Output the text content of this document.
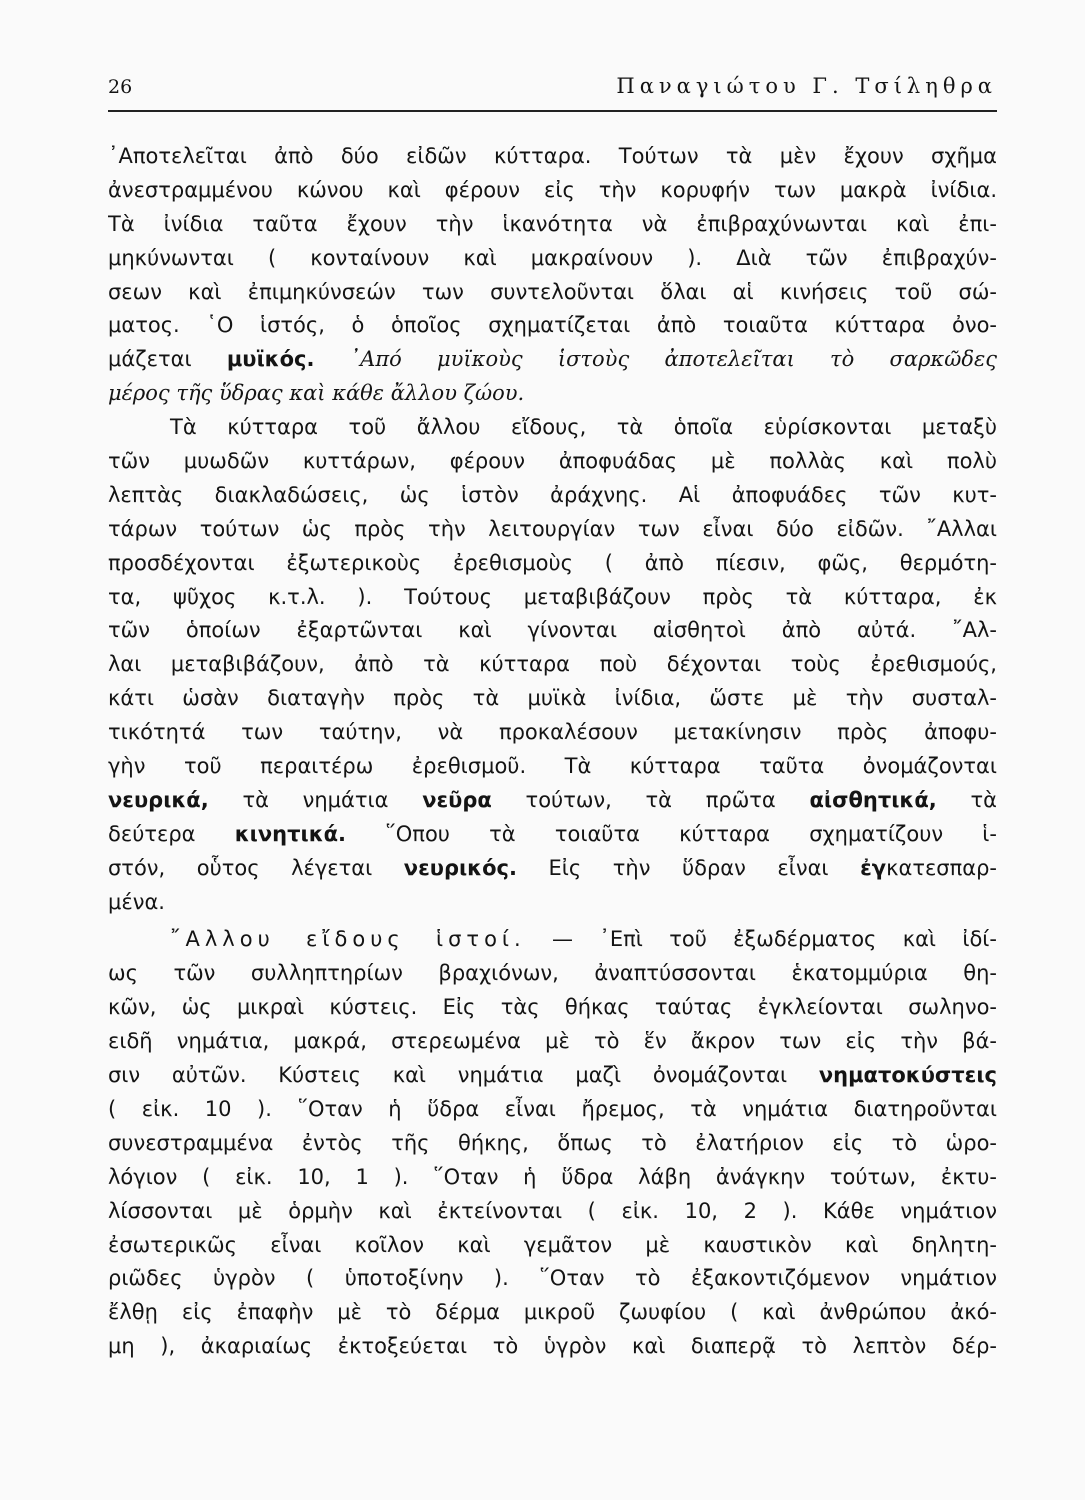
26	Παναγιώτου Γ. Τσίληθρα
᾽Αποτελεῖται ἀπὸ δύο εἰδῶν κύτταρα. Τούτων τὰ μὲν ἔχουν σχῆμα
ἀνεστραμμένου κώνου καὶ φέρουν εἰς τὴν κορυφήν των μακρὰ ἰνίδια.
Τὰ ἰνίδια ταῦτα ἔχουν τὴν ἱκανότητα νὰ ἐπιβραχύνωνται καὶ ἐπι-
μηκύνωνται ( κονταίνουν καὶ μακραίνουν ). Διὰ τῶν ἐπιβραχύν-
σεων καὶ ἐπιμηκύνσεών των συντελοῦνται ὅλαι αἱ κινήσεις τοῦ σώ-
ματος. ῾Ο ἱστός, ὁ ὁποῖος σχηματίζεται ἀπὸ τοιαῦτα κύτταρα ὀνο-
μάζεται μυϊκός. ᾽Από μυϊκοὺς ἱστοὺς ἀποτελεῖται τὸ σαρκῶδες
μέρος τῆς ὕδρας καὶ κάθε ἄλλου ζώου.
Τὰ κύτταρα τοῦ ἄλλου εἴδους, τὰ ὁποῖα εὑρίσκονται μεταξὺ
τῶν μυωδῶν κυττάρων, φέρουν ἀποφυάδας μὲ πολλὰς καὶ πολὺ
λεπτὰς διακλαδώσεις, ὡς ἱστὸν ἀράχνης. Αἱ ἀποφυάδες τῶν κυτ-
τάρων τούτων ὡς πρὸς τὴν λειτουργίαν των εἶναι δύο εἰδῶν. ῎Αλλαι
προσδέχονται ἐξωτερικοὺς ἐρεθισμοὺς ( ἀπὸ πίεσιν, φῶς, θερμότη-
τα, ψῦχος κ.τ.λ. ). Τούτους μεταβιβάζουν πρὸς τὰ κύτταρα, ἐκ
τῶν ὁποίων ἐξαρτῶνται καὶ γίνονται αἰσθητοὶ ἀπὸ αὐτά. ῎Αλ-
λαι μεταβιβάζουν, ἀπὸ τὰ κύτταρα ποὺ δέχονται τοὺς ἐρεθισμούς,
κάτι ὡσὰν διαταγὴν πρὸς τὰ μυϊκὰ ἰνίδια, ὥστε μὲ τὴν συσταλ-
τικότητά των ταύτην, νὰ προκαλέσουν μετακίνησιν πρὸς ἀποφυ-
γὴν τοῦ περαιτέρω ἐρεθισμοῦ. Τὰ κύτταρα ταῦτα ὀνομάζονται
νευρικά, τὰ νημάτια νεῦρα τούτων, τὰ πρῶτα αἰσθητικά, τὰ
δεύτερα κινητικά. ῞Οπου τὰ τοιαῦτα κύτταρα σχηματίζουν ἱ-
στόν, οὗτος λέγεται νευρικός. Εἰς τὴν ὕδραν εἶναι ἐγκατεσπαρ-
μένα.
῎Αλλου εἴδους ἱστοί. — ᾽Επὶ τοῦ ἐξωδέρματος καὶ ἰδί-
ως τῶν συλληπτηρίων βραχιόνων, ἀναπτύσσονται ἑκατομμύρια θη-
κῶν, ὡς μικραὶ κύστεις. Εἰς τὰς θήκας ταύτας ἐγκλείονται σωληνο-
ειδῆ νημάτια, μακρά, στερεωμένα μὲ τὸ ἕν ἄκρον των εἰς τὴν βά-
σιν αὐτῶν. Κύστεις καὶ νημάτια μαζὶ ὀνομάζονται νηματοκύστεις
( εἰκ. 10 ). ῞Οταν ἡ ὕδρα εἶναι ἤρεμος, τὰ νημάτια διατηροῦνται
συνεστραμμένα ἐντὸς τῆς θήκης, ὅπως τὸ ἐλατήριον εἰς τὸ ὡρο-
λόγιον ( εἰκ. 10, 1 ). ῞Οταν ἡ ὕδρα λάβη ἀνάγκην τούτων, ἐκτυ-
λίσσονται μὲ ὁρμὴν καὶ ἐκτείνονται ( εἰκ. 10, 2 ). Κάθε νημάτιον
ἐσωτερικῶς εἶναι κοῖλον καὶ γεμᾶτον μὲ καυστικὸν καὶ δηλητη-
ριῶδες ὑγρὸν ( ὑποτοξίνην ). ῞Οταν τὸ ἐξακοντιζόμενον νημάτιον
ἔλθῃ εἰς ἐπαφὴν μὲ τὸ δέρμα μικροῦ ζωυφίου ( καὶ ἀνθρώπου ἀκό-
μη ), ἀκαριαίως ἐκτοξεύεται τὸ ὑγρὸν καὶ διαπερᾷ τὸ λεπτὸν δέρ-
